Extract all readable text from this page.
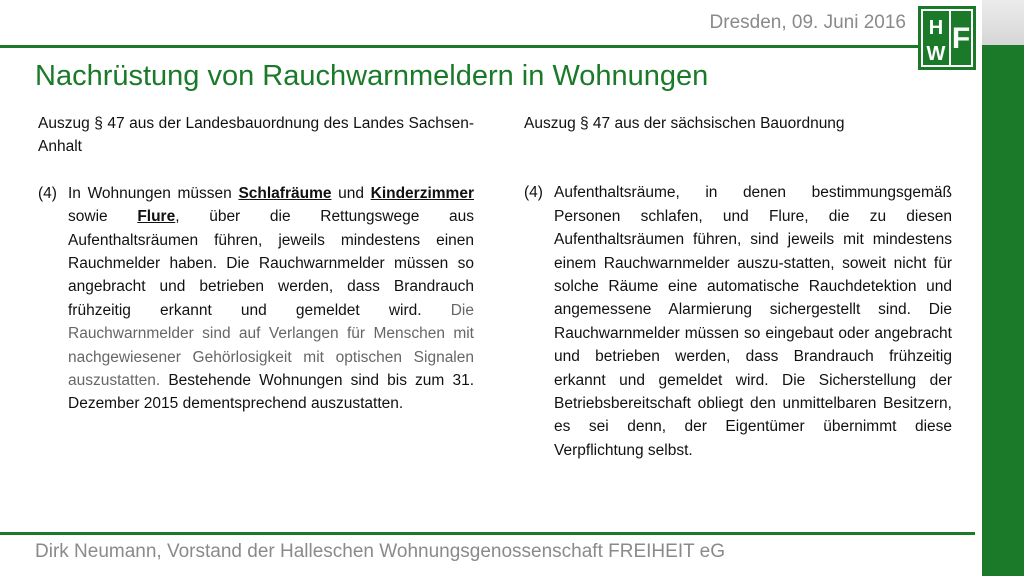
Dresden, 09. Juni 2016 H
W F
Nachrüstung von Rauchwarnmeldern in Wohnungen

Auszug § 47 aus der Landesbauordnung des Landes Sachsen-Anhalt

(4) In Wohnungen müssen Schlafräume und Kinderzimmer sowie Flure, über die Rettungswege aus Aufenthaltsräumen führen, jeweils mindestens einen Rauchmelder haben. Die Rauchwarnmelder müssen so angebracht und betrieben werden, dass Brandrauch frühzeitig erkannt und gemeldet wird. Die Rauchwarnmelder sind auf Verlangen für Menschen mit nachgewiesener Gehörlosigkeit mit optischen Signalen auszustatten. Bestehende Wohnungen sind bis zum 31. Dezember 2015 dementsprechend auszustatten.

Auszug § 47 aus der sächsischen Bauordnung

(4) Aufenthaltsräume, in denen bestimmungsgemäß Personen schlafen, und Flure, die zu diesen Aufenthaltsräumen führen, sind jeweils mit mindestens einem Rauchwarnmelder auszu-statten, soweit nicht für solche Räume eine automatische Rauchdetektion und angemessene Alarmierung sichergestellt sind. Die Rauchwarnmelder müssen so eingebaut oder angebracht und betrieben werden, dass Brandrauch frühzeitig erkannt und gemeldet wird. Die Sicherstellung der Betriebsbereitschaft obliegt den unmittelbaren Besitzern, es sei denn, der Eigentümer übernimmt diese Verpflichtung selbst.

Dirk Neumann, Vorstand der Halleschen Wohnungsgenossenschaft FREIHEIT eG
